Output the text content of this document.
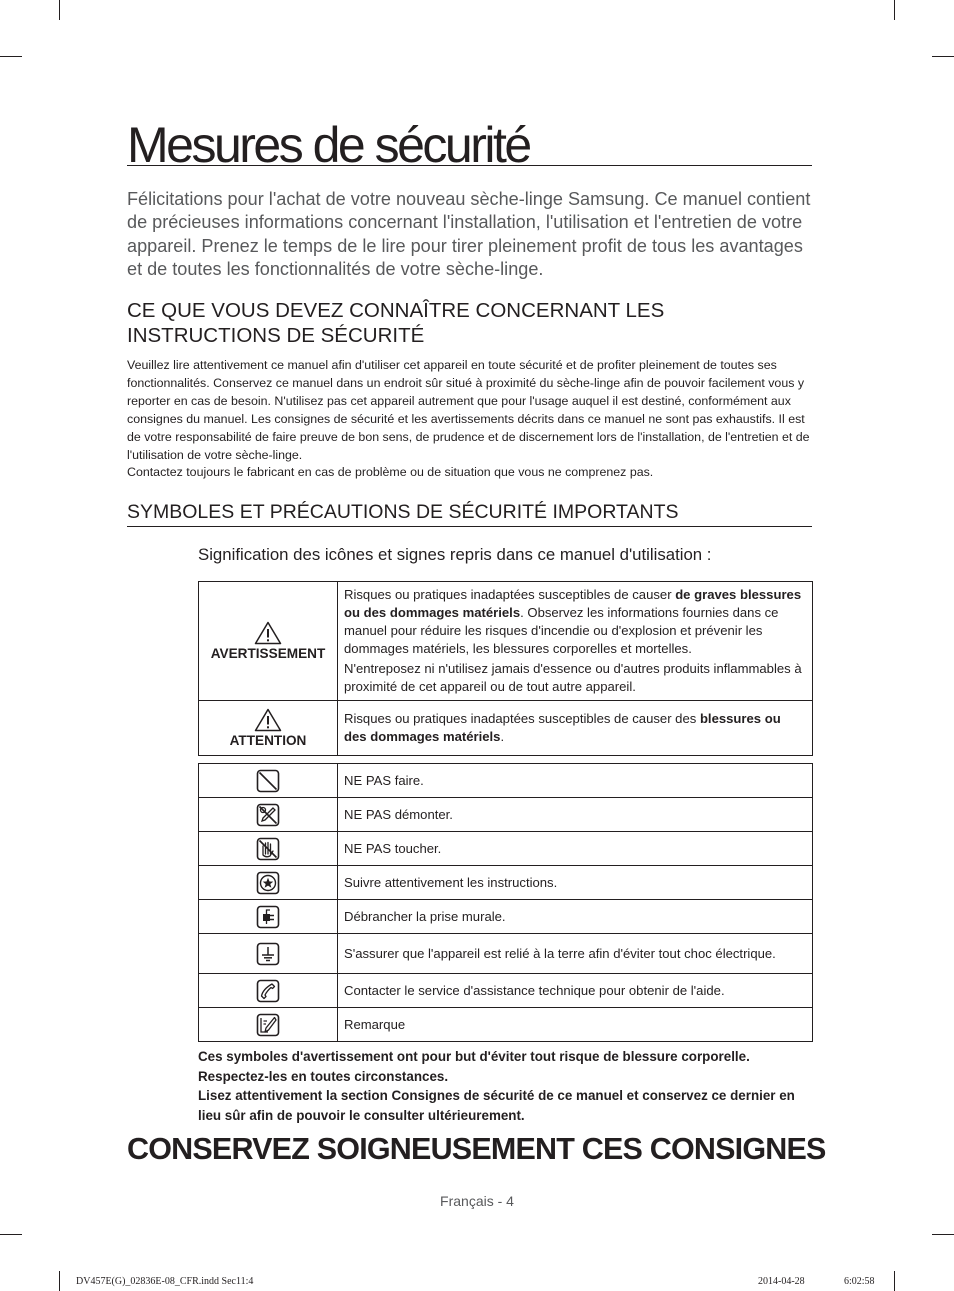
Mesures de sécurité

Félicitations pour l'achat de votre nouveau sèche-linge Samsung. Ce manuel contient de précieuses informations concernant l'installation, l'utilisation et l'entretien de votre appareil. Prenez le temps de le lire pour tirer pleinement profit de tous les avantages et de toutes les fonctionnalités de votre sèche-linge.

CE QUE VOUS DEVEZ CONNAÎTRE CONCERNANT LES
INSTRUCTIONS DE SÉCURITÉ

Veuillez lire attentivement ce manuel afin d'utiliser cet appareil en toute sécurité et de profiter pleinement de toutes ses fonctionnalités. Conservez ce manuel dans un endroit sûr situé à proximité du sèche-linge afin de pouvoir facilement vous y reporter en cas de besoin. N'utilisez pas cet appareil autrement que pour l'usage auquel il est destiné, conformément aux consignes du manuel. Les consignes de sécurité et les avertissements décrits dans ce manuel ne sont pas exhaustifs. Il est de votre responsabilité de faire preuve de bon sens, de prudence et de discernement lors de l'installation, de l'entretien et de l'utilisation de votre sèche-linge.

Contactez toujours le fabricant en cas de problème ou de situation que vous ne comprenez pas.

SYMBOLES ET PRÉCAUTIONS DE SÉCURITÉ IMPORTANTS
Signification des icônes et signes repris dans ce manuel d'utilisation :
AVERTISSEMENT	Risques ou pratiques inadaptées susceptibles de causer de graves blessures ou des dommages matériels. Observez les informations fournies dans ce manuel pour réduire les risques d'incendie ou d'explosion et prévenir les dommages matériels, les blessures corporelles et mortelles.

N'entreposez ni n'utilisez jamais d'essence ou d'autres produits inflammables à proximité de cet appareil ou de tout autre appareil.

ATTENTION	Risques ou pratiques inadaptées susceptibles de causer des blessures ou des dommages matériels.

	NE PAS faire.

	NE PAS démonter.

	NE PAS toucher.

	Suivre attentivement les instructions.

	Débrancher la prise murale.

	S'assurer que l'appareil est relié à la terre afin d'éviter tout choc électrique.

	Contacter le service d'assistance technique pour obtenir de l'aide.

	Remarque

Ces symboles d'avertissement ont pour but d'éviter tout risque de blessure corporelle.

Respectez-les en toutes circonstances.

Lisez attentivement la section Consignes de sécurité de ce manuel et conservez ce dernier en lieu sûr afin de pouvoir le consulter ultérieurement.

CONSERVEZ SOIGNEUSEMENT CES CONSIGNES
Français - 4
DV457E(G)_02836E-08_CFR.indd Sec11:4	2014-04-28	6:02:58
